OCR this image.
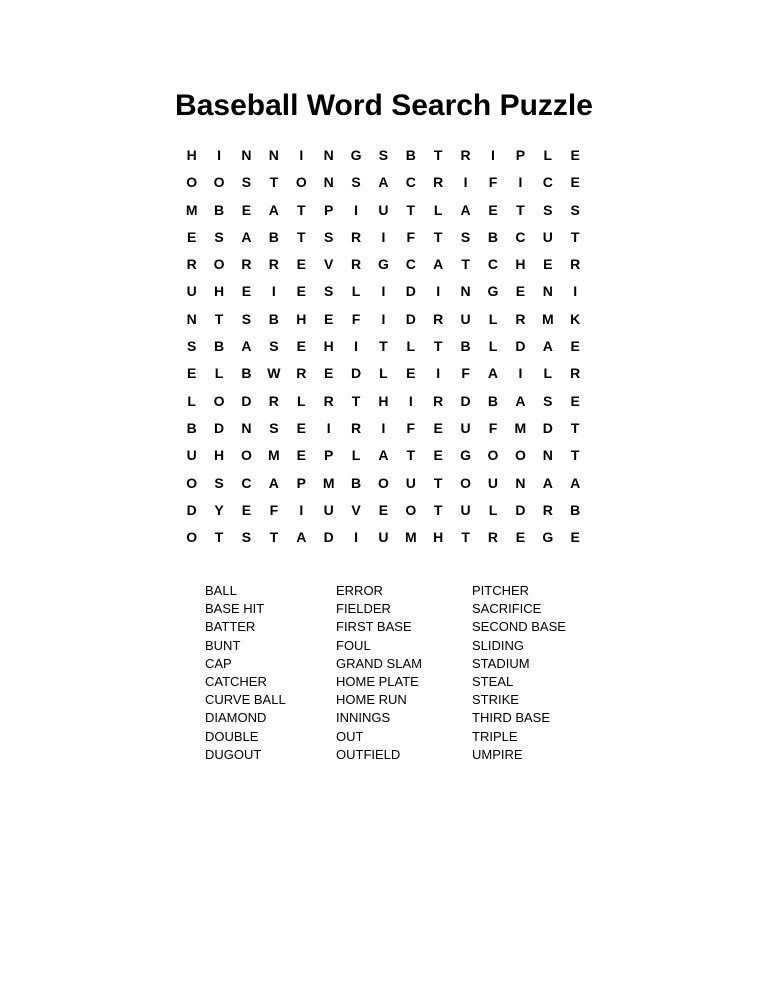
Baseball Word Search Puzzle
H	I	N	N	I	N	G	S	B	T	R	I	P	L	E
O	O	S	T	O	N	S	A	C	R	I	F	I	C	E
M	B	E	A	T	P	I	U	T	L	A	E	T	S	S
E	S	A	B	T	S	R	I	F	T	S	B	C	U	T
R	O	R	R	E	V	R	G	C	A	T	C	H	E	R
U	H	E	I	E	S	L	I	D	I	N	G	E	N	I
N	T	S	B	H	E	F	I	D	R	U	L	R	M	K
S	B	A	S	E	H	I	T	L	T	B	L	D	A	E
E	L	B	W	R	E	D	L	E	I	F	A	I	L	R
L	O	D	R	L	R	T	H	I	R	D	B	A	S	E
B	D	N	S	E	I	R	I	F	E	U	F	M	D	T
U	H	O	M	E	P	L	A	T	E	G	O	O	N	T
O	S	C	A	P	M	B	O	U	T	O	U	N	A	A
D	Y	E	F	I	U	V	E	O	T	U	L	D	R	B
O	T	S	T	A	D	I	U	M	H	T	R	E	G	E
BALL
BASE HIT
BATTER
BUNT
CAP
CATCHER
CURVE BALL
DIAMOND
DOUBLE
DUGOUT
ERROR
FIELDER
FIRST BASE
FOUL
GRAND SLAM
HOME PLATE
HOME RUN
INNINGS
OUT
OUTFIELD
PITCHER
SACRIFICE
SECOND BASE
SLIDING
STADIUM
STEAL
STRIKE
THIRD BASE
TRIPLE
UMPIRE
